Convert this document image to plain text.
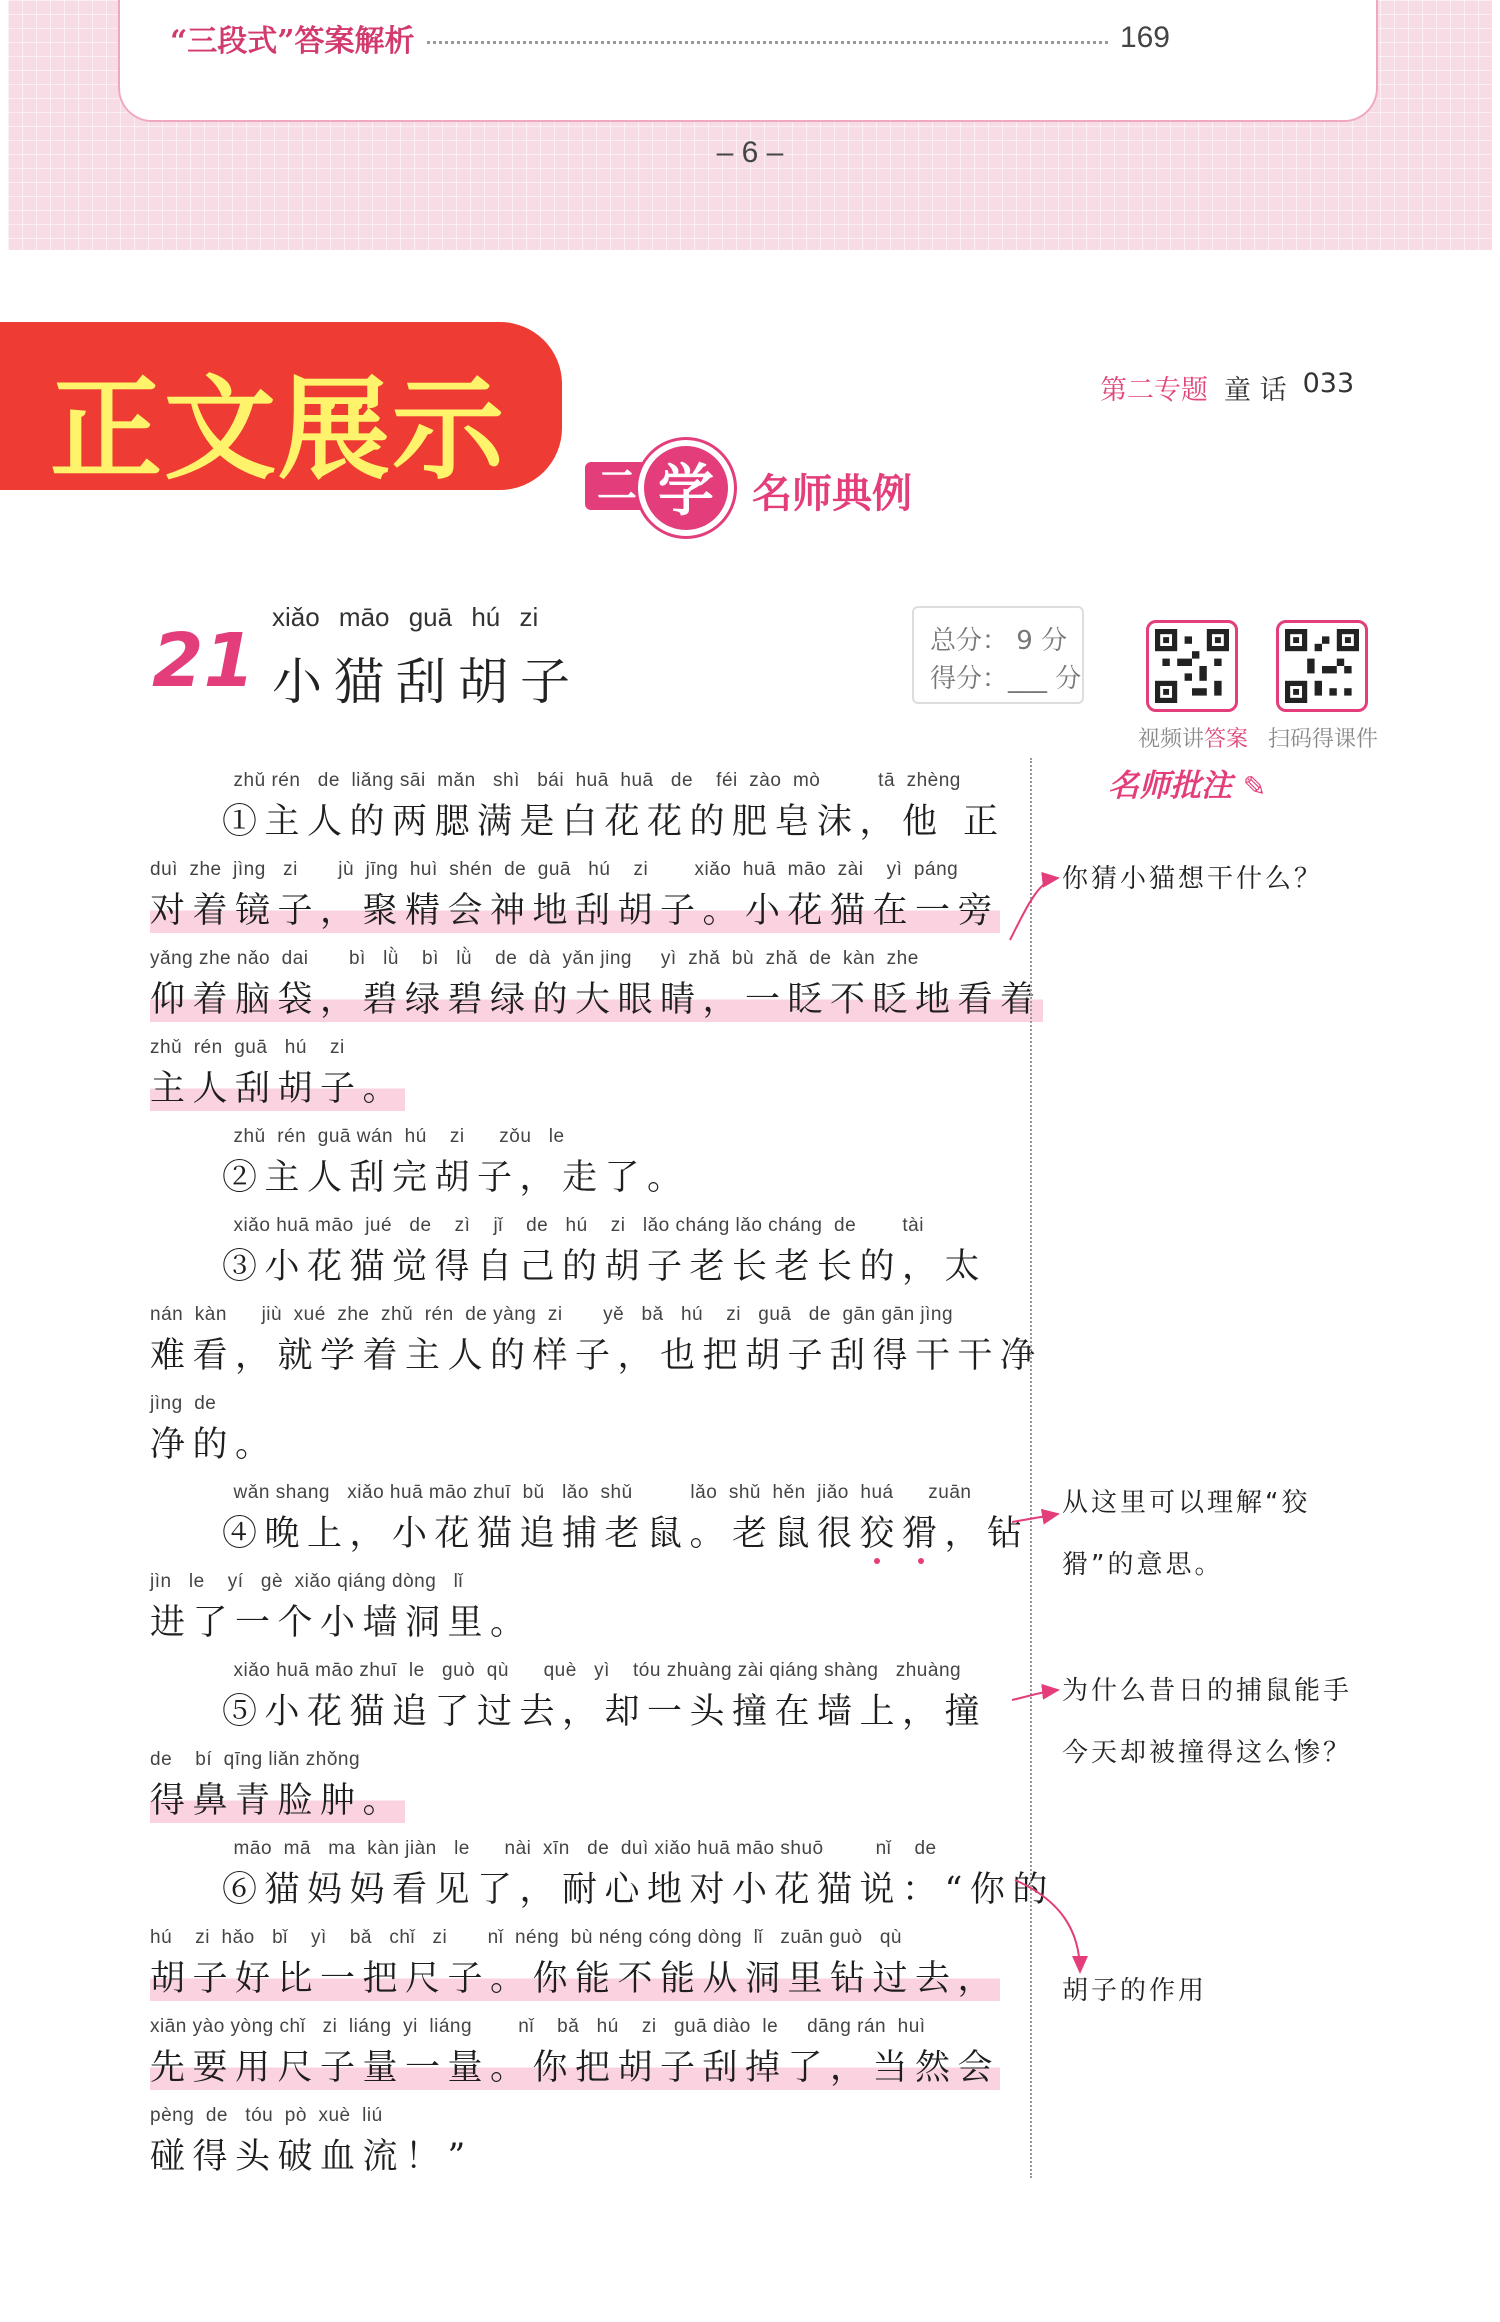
“三段式”答案解析	169
– 6 –
正文展示	第二专题 童 话 033
二 学 名师典例
21
xiǎo māo guā hú zi
小猫刮胡子
总分： 9 分
得分：___ 分
视频讲答案 扫码得课件
zhǔ rén   de  liǎng sāi  mǎn   shì   bái  huā  huā   de    féi  zào  mò          tā  zhèng
①主人的两腮满是白花花的肥皂沫，他 正
duì  zhe  jìng   zi       jù  jīng  huì  shén  de  guā   hú    zi        xiǎo  huā  māo  zài    yì  páng
对着镜子，聚精会神地刮胡子。小花猫在一旁
yǎng zhe nǎo  dai       bì   lǜ    bì   lǜ    de  dà  yǎn jing     yì  zhǎ  bù  zhǎ  de  kàn  zhe
仰着脑袋，碧绿碧绿的大眼睛，一眨不眨地看着
zhǔ  rén  guā   hú    zi
主人刮胡子。
zhǔ  rén  guā wán  hú    zi      zǒu   le
②主人刮完胡子，走了。
xiǎo huā māo  jué   de    zì    jǐ    de   hú    zi   lǎo cháng lǎo cháng  de        tài
③小花猫觉得自己的胡子老长老长的，太
nán  kàn      jiù  xué  zhe  zhǔ  rén  de yàng  zi       yě   bǎ   hú    zi   guā   de  gān gān jìng
难看，就学着主人的样子，也把胡子刮得干干净
jìng  de
净的。
wǎn shang   xiǎo huā māo zhuī  bǔ   lǎo  shǔ          lǎo  shǔ  hěn  jiǎo  huá      zuān
④晚上，小花猫追捕老鼠。老鼠很狡猾，钻
jìn   le    yí   gè  xiǎo qiáng dòng   lǐ
进了一个小墙洞里。
xiǎo huā māo zhuī  le   guò  qù      què   yì    tóu zhuàng zài qiáng shàng   zhuàng
⑤小花猫追了过去，却一头撞在墙上，撞
de    bí  qīng liǎn zhǒng
得鼻青脸肿。
māo  mā   ma  kàn jiàn   le      nài  xīn   de  duì xiǎo huā māo shuō         nǐ    de
⑥猫妈妈看见了，耐心地对小花猫说：“你的
hú    zi  hǎo   bǐ    yì    bǎ   chǐ   zi       nǐ  néng  bù néng cóng dòng  lǐ   zuān guò   qù
胡子好比一把尺子。你能不能从洞里钻过去，
xiān yào yòng chǐ   zi  liáng  yi  liáng        nǐ    bǎ   hú    zi   guā diào  le     dāng rán  huì
先要用尺子量一量。你把胡子刮掉了，当然会
pèng  de   tóu  pò  xuè  liú
碰得头破血流！”
名师批注 ✎
你猜小猫想干什么？
从这里可以理解“狡猾”的意思。
为什么昔日的捕鼠能手今天却被撞得这么惨？
胡子的作用
